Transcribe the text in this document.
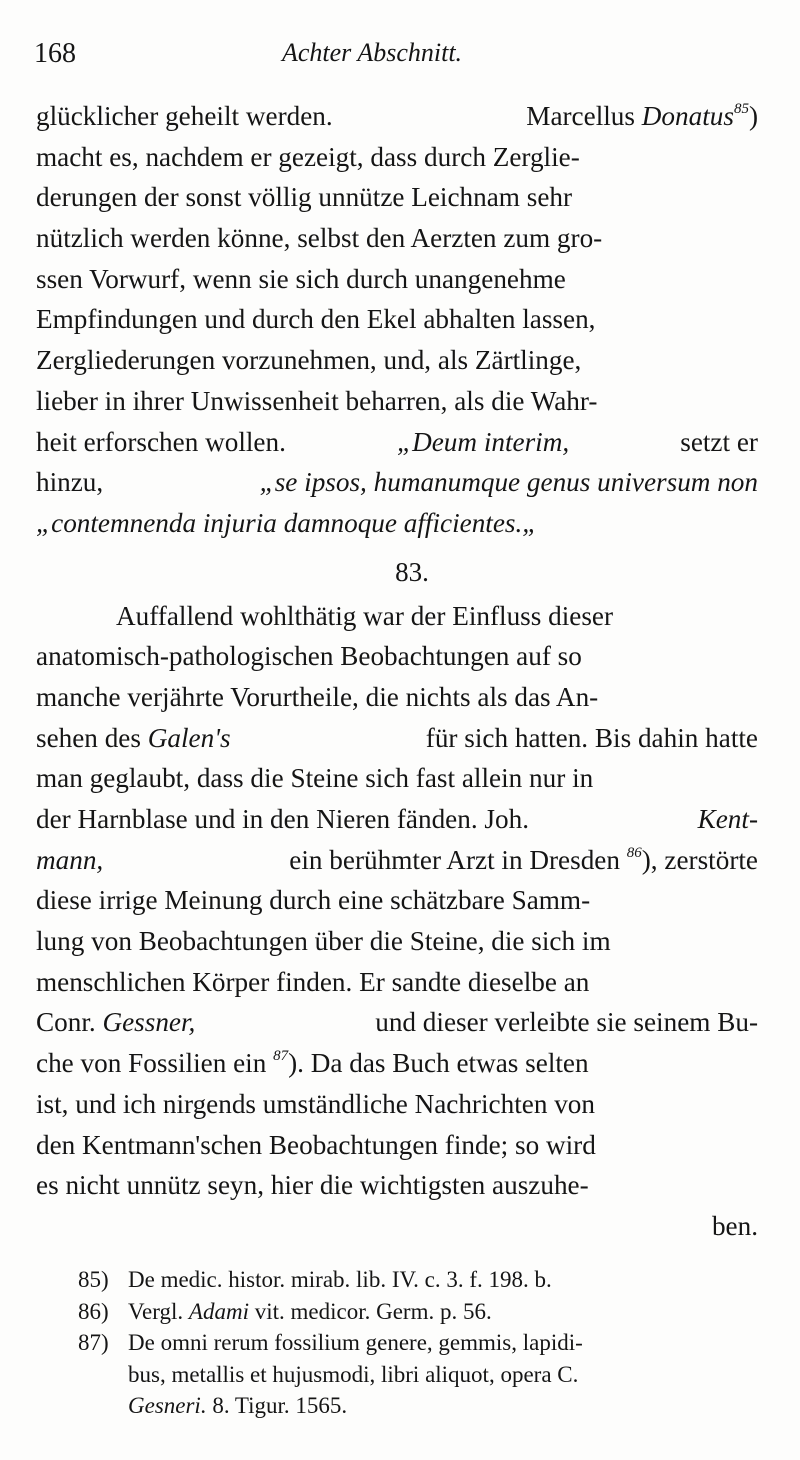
168	Achter Abschnitt.
glücklicher geheilt werden.	Marcellus Donatus$^{85}$)
macht es, nachdem er gezeigt, dass durch Zerglie-
derungen der sonst völlig unnütze Leichnam sehr
nützlich werden könne, selbst den Aerzten zum gro-
ssen Vorwurf, wenn sie sich durch unangenehme
Empfindungen und durch den Ekel abhalten lassen,
Zergliederungen vorzunehmen, und, als Zärtlinge,
lieber in ihrer Unwissenheit beharren, als die Wahr-
heit erforschen wollen.	„Deum interim,	setzt er
hinzu,	„se ipsos, humanumque genus universum non
„contemnenda injuria damnoque afficientes.„
83.
Auffallend wohlthätig war der Einfluss dieser
anatomisch-pathologischen Beobachtungen auf so
manche verjährte Vorurtheile, die nichts als das An-
sehen des Galen's	für sich hatten. Bis dahin hatte
man geglaubt, dass die Steine sich fast allein nur in
der Harnblase und in den Nieren fänden. Joh.	Kent-
mann,	ein berühmter Arzt in Dresden $^{86}$), zerstörte
diese irrige Meinung durch eine schätzbare Samm-
lung von Beobachtungen über die Steine, die sich im
menschlichen Körper finden. Er sandte dieselbe an
Conr. Gessner,	und dieser verleibte sie seinem Bu-
che von Fossilien ein $^{87}$). Da das Buch etwas selten
ist, und ich nirgends umständliche Nachrichten von
den Kentmann'schen Beobachtungen finde; so wird
es nicht unnütz seyn, hier die wichtigsten auszuhe-
ben.
85) De medic. histor. mirab. lib. IV. c. 3. f. 198. b.
86) Vergl. Adami vit. medicor. Germ. p. 56.
87) De omni rerum fossilium genere, gemmis, lapidi-
bus, metallis et hujusmodi, libri aliquot, opera C.
Gesneri. 8. Tigur. 1565.
